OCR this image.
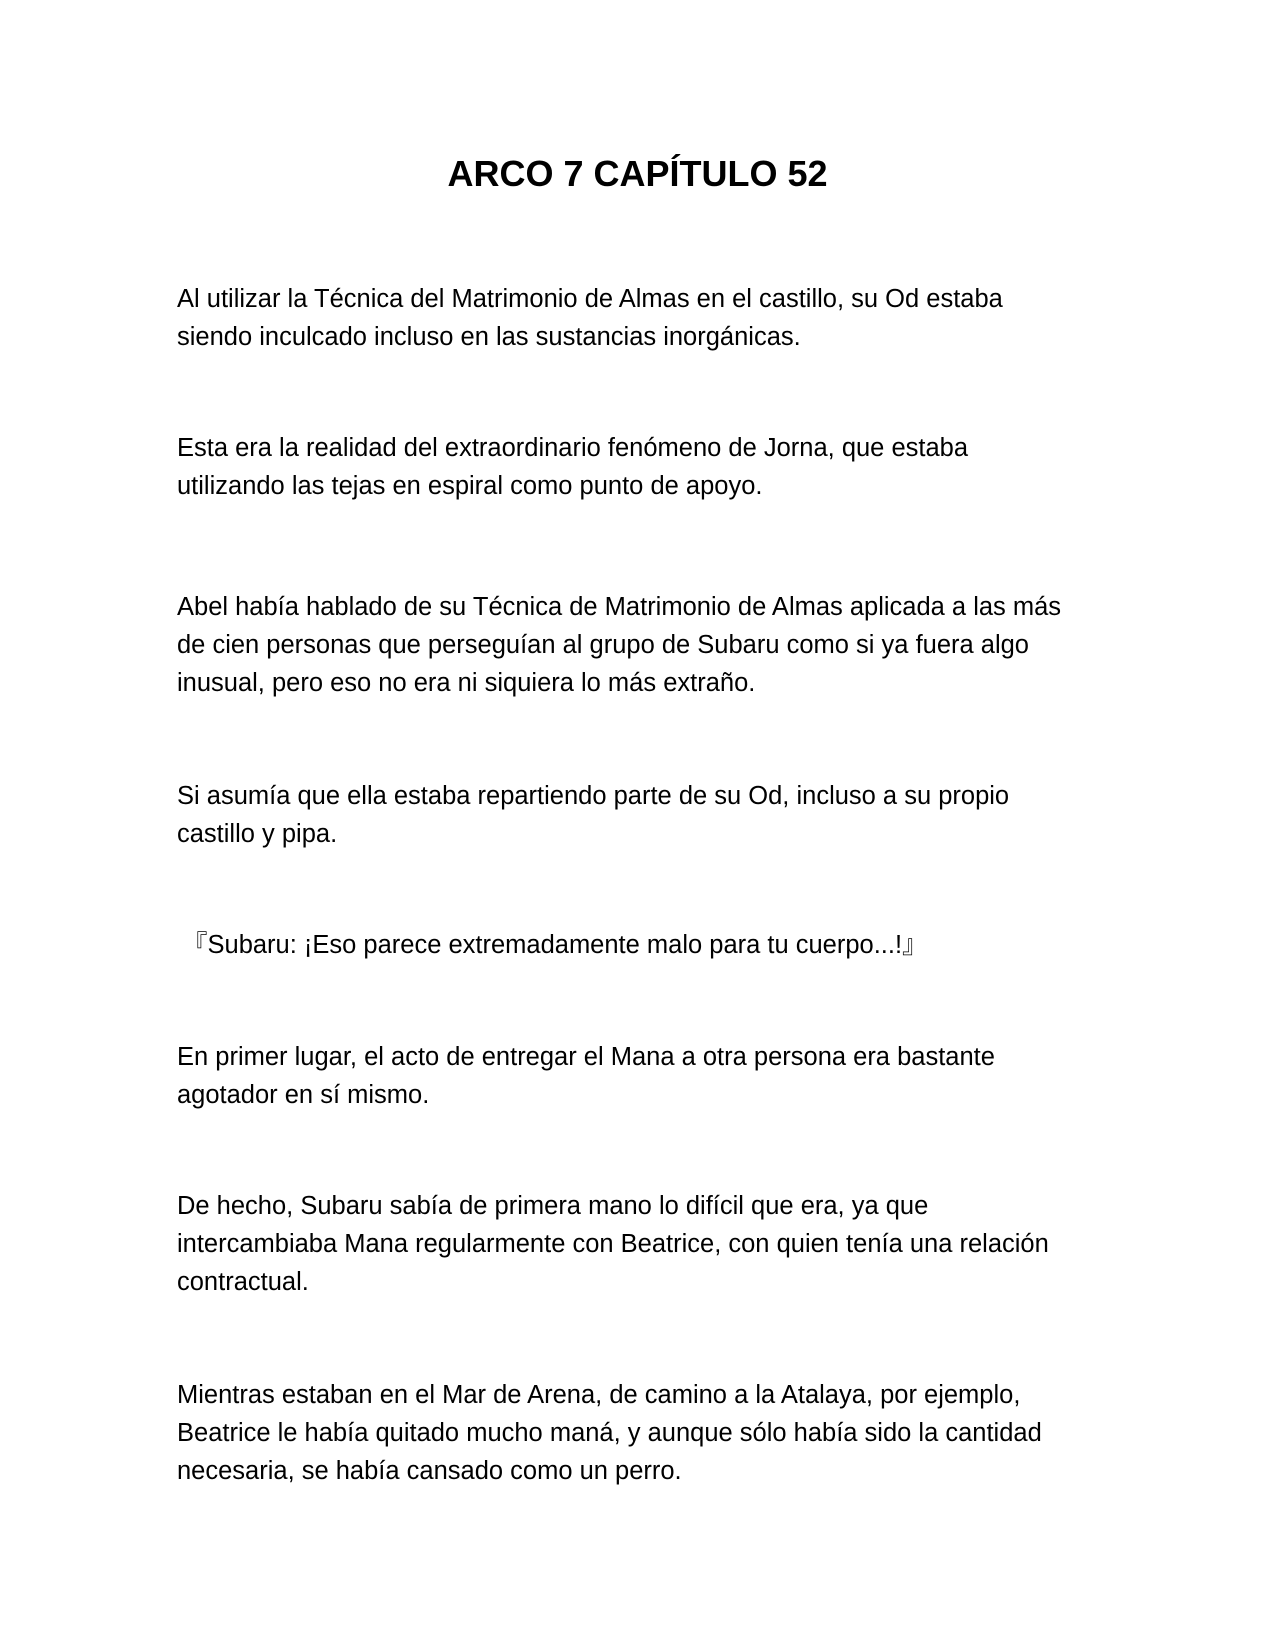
ARCO 7 CAPÍTULO 52

Al utilizar la Técnica del Matrimonio de Almas en el castillo, su Od estaba
siendo inculcado incluso en las sustancias inorgánicas.

Esta era la realidad del extraordinario fenómeno de Jorna, que estaba
utilizando las tejas en espiral como punto de apoyo.

Abel había hablado de su Técnica de Matrimonio de Almas aplicada a las más
de cien personas que perseguían al grupo de Subaru como si ya fuera algo
inusual, pero eso no era ni siquiera lo más extraño.

Si asumía que ella estaba repartiendo parte de su Od, incluso a su propio
castillo y pipa.

『Subaru: ¡Eso parece extremadamente malo para tu cuerpo...!』

En primer lugar, el acto de entregar el Mana a otra persona era bastante
agotador en sí mismo.

De hecho, Subaru sabía de primera mano lo difícil que era, ya que
intercambiaba Mana regularmente con Beatrice, con quien tenía una relación
contractual.

Mientras estaban en el Mar de Arena, de camino a la Atalaya, por ejemplo,
Beatrice le había quitado mucho maná, y aunque sólo había sido la cantidad
necesaria, se había cansado como un perro.
